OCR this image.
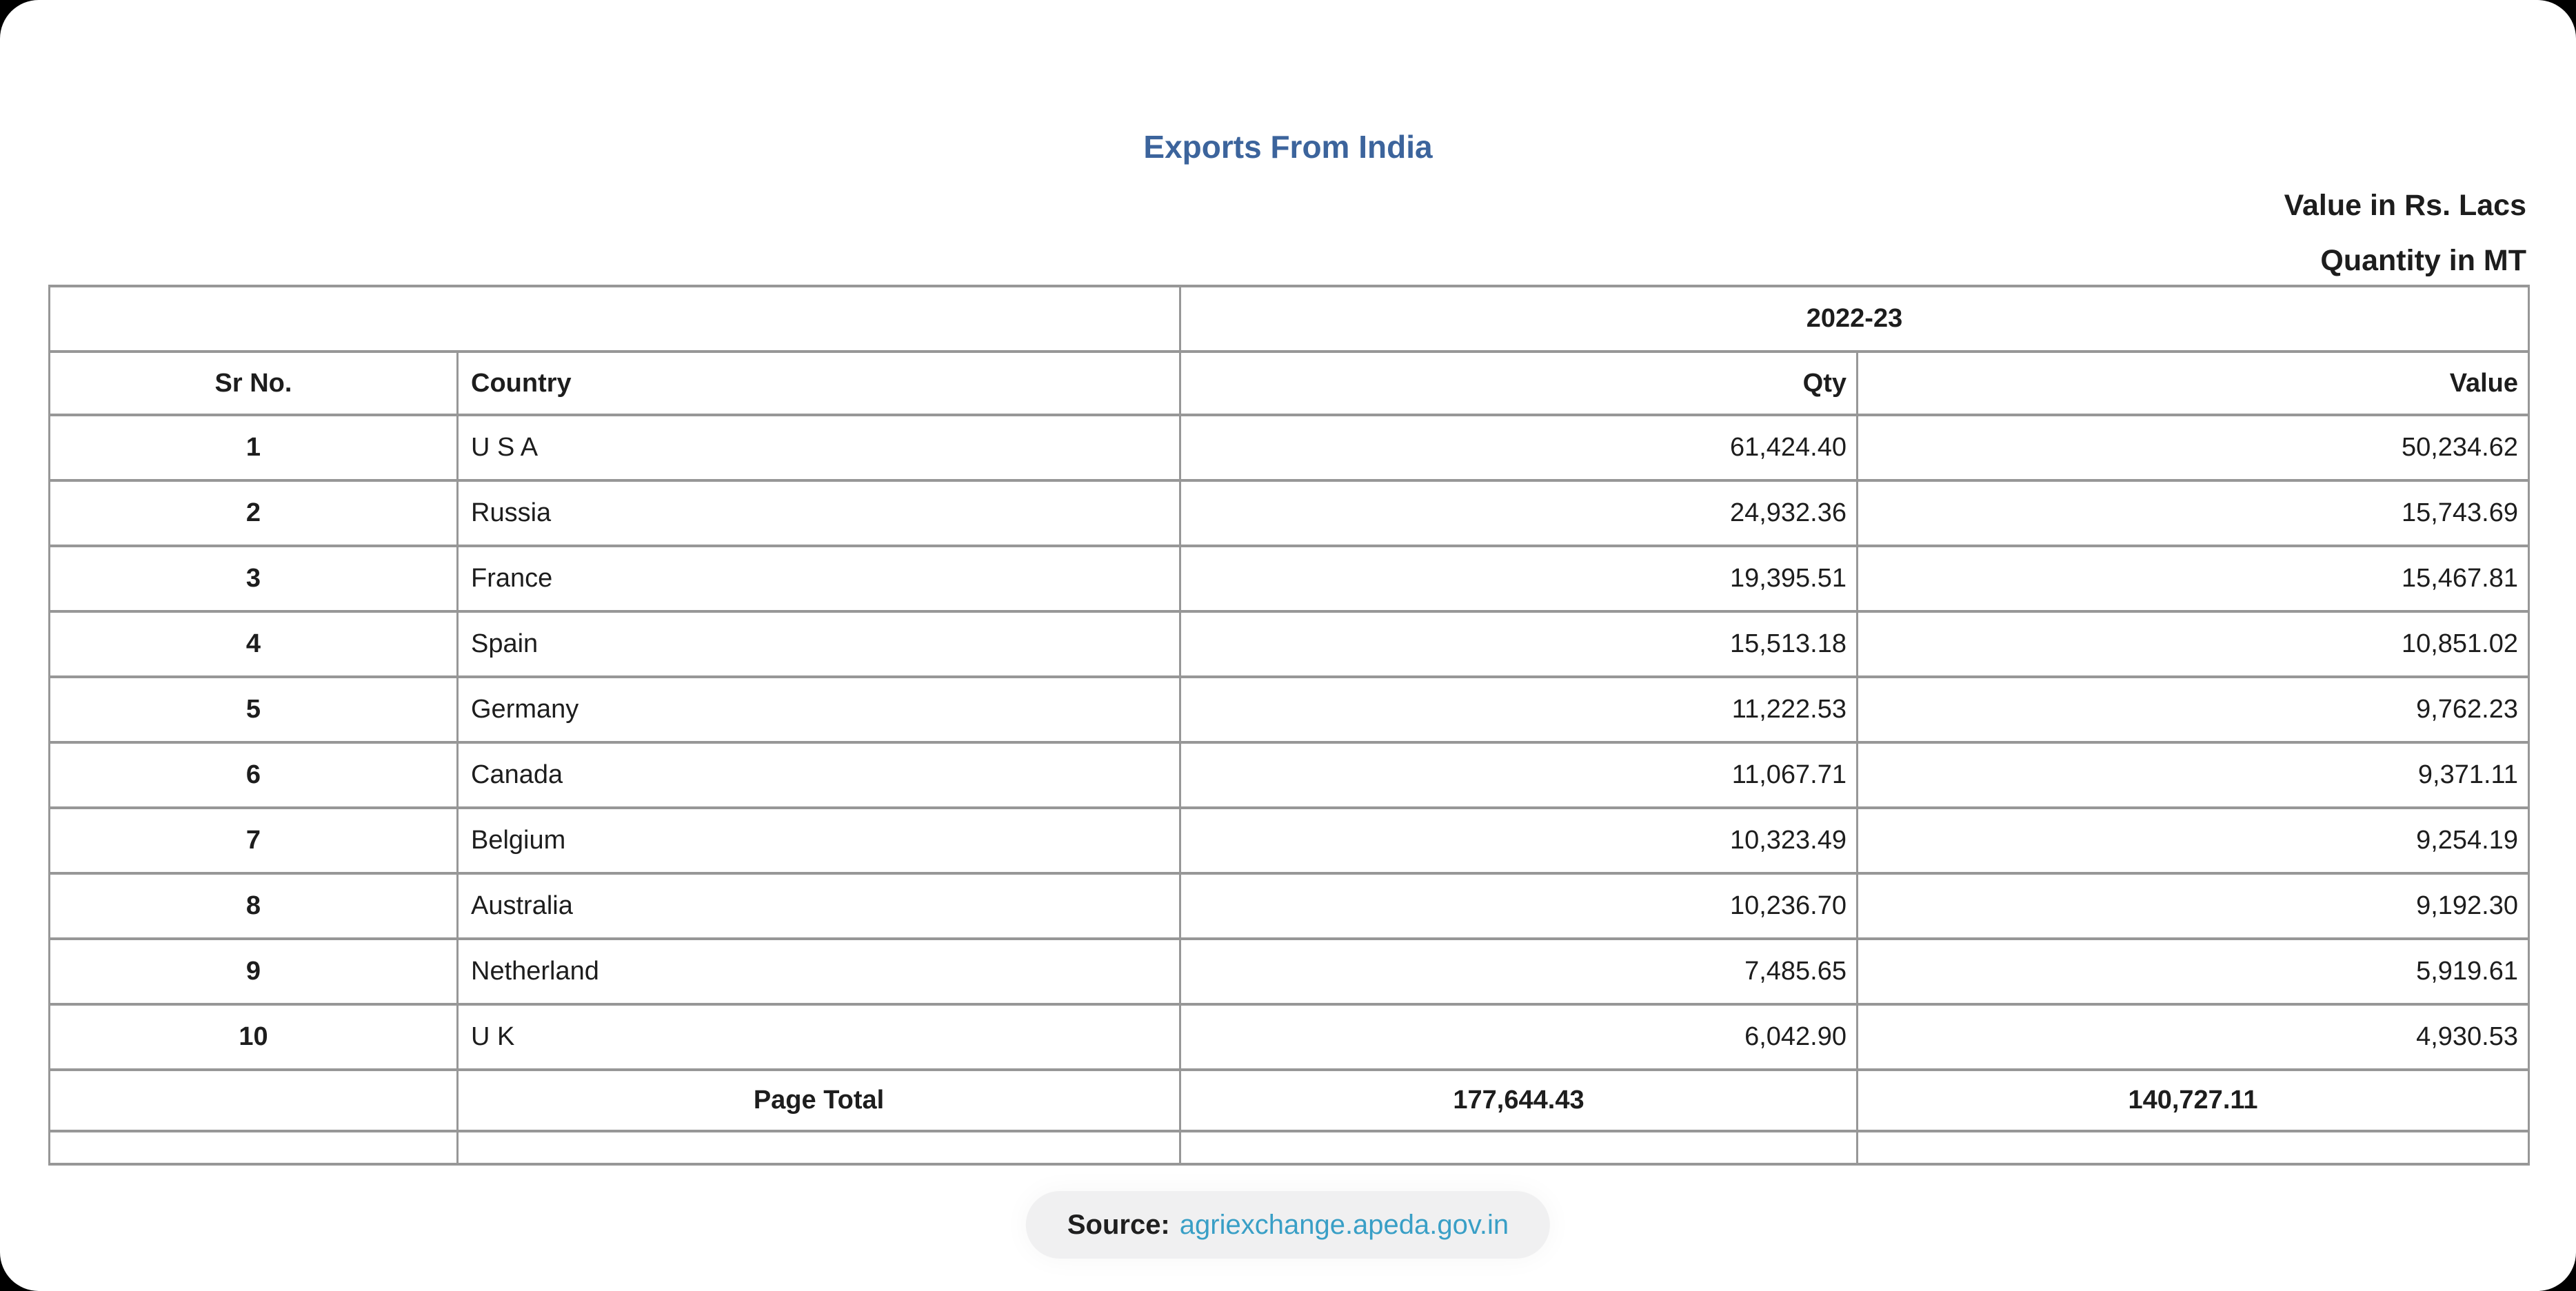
Exports From India
Value in Rs. Lacs
Quantity in MT
		2022-23	
Sr No.	Country	Qty	Value
1	U S A	61,424.40	50,234.62
2	Russia	24,932.36	15,743.69
3	France	19,395.51	15,467.81
4	Spain	15,513.18	10,851.02
5	Germany	11,222.53	9,762.23
6	Canada	11,067.71	9,371.11
7	Belgium	10,323.49	9,254.19
8	Australia	10,236.70	9,192.30
9	Netherland	7,485.65	5,919.61
10	U K	6,042.90	4,930.53
	Page Total	177,644.43	140,727.11

Source: agriexchange.apeda.gov.in
